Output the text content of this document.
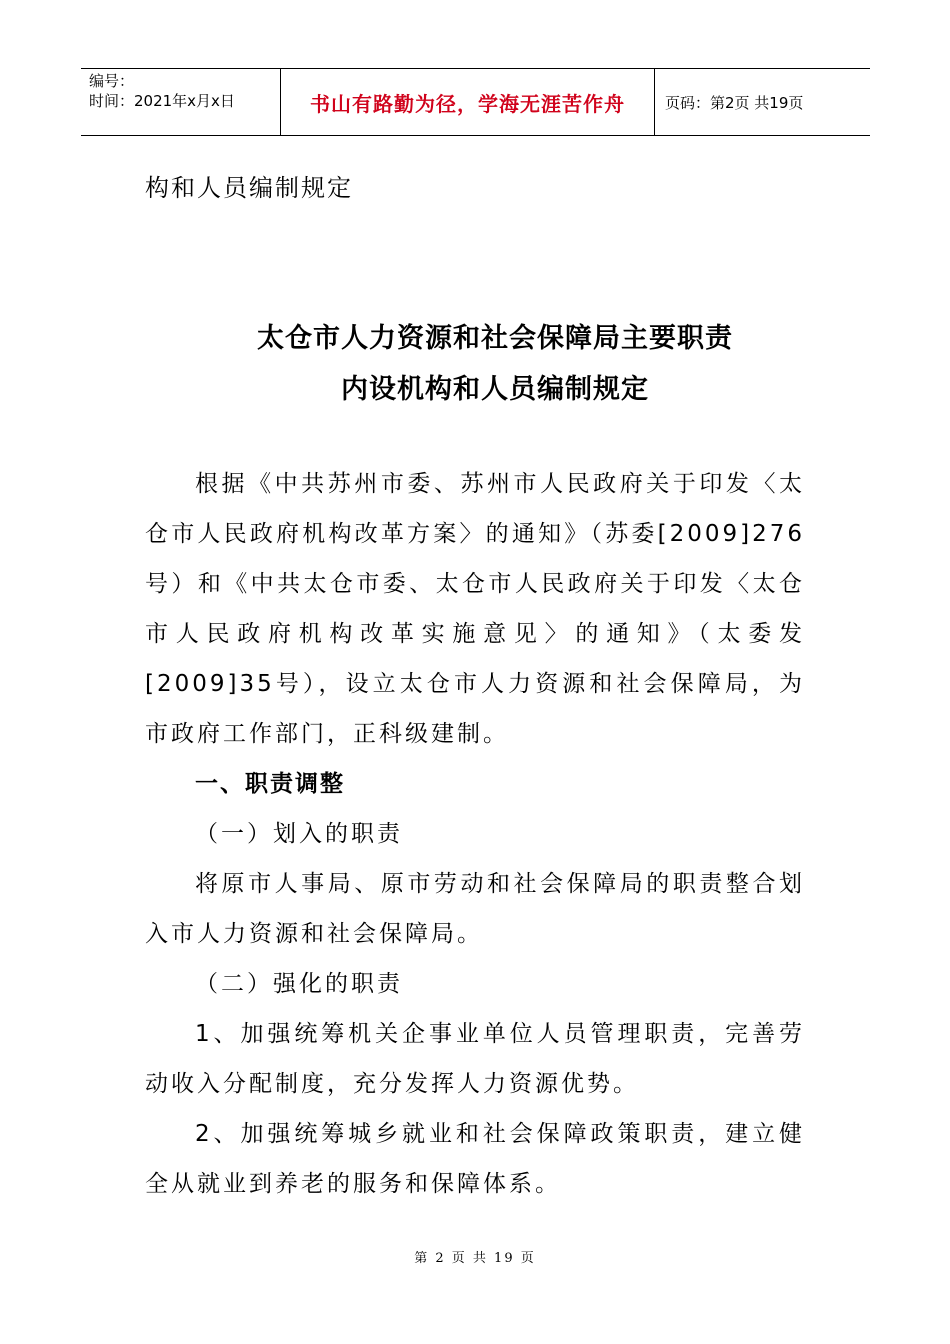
编号：
时间：2021年x月x日	书山有路勤为径，学海无涯苦作舟	页码：第2页 共19页
构和人员编制规定
太仓市人力资源和社会保障局主要职责
内设机构和人员编制规定

根据《中共苏州市委、苏州市人民政府关于印发〈太仓市人民政府机构改革方案〉的通知》（苏委[2009]276号）和《中共太仓市委、太仓市人民政府关于印发〈太仓市人民政府机构改革实施意见〉的通知》（太委发[2009]35号），设立太仓市人力资源和社会保障局，为市政府工作部门，正科级建制。

一、职责调整

（一）划入的职责

将原市人事局、原市劳动和社会保障局的职责整合划入市人力资源和社会保障局。

（二）强化的职责

1、加强统筹机关企事业单位人员管理职责，完善劳动收入分配制度，充分发挥人力资源优势。

2、加强统筹城乡就业和社会保障政策职责，建立健全从就业到养老的服务和保障体系。

第 2 页 共 19 页
